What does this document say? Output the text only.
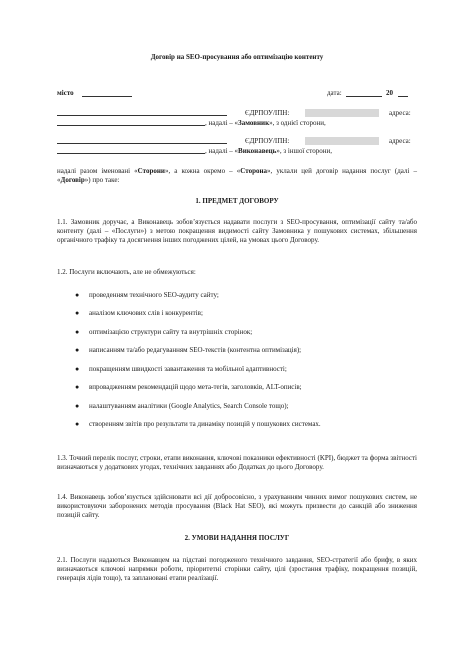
Договір на SEO-просування або оптимізацію контенту
місто	дата:	20
ЄДРПОУ/ІПН:	адреса:
, надалі – «Замовник», з однієї сторони,
ЄДРПОУ/ІПН:	адреса:
, надалі – «Виконавець», з іншої сторони,
надалі разом іменовані «Сторони», а кожна окремо – «Сторона», уклали цей договір надання послуг (далі – «Договір») про таке:
1. ПРЕДМЕТ ДОГОВОРУ
1.1. Замовник доручає, а Виконавець зобов’язується надавати послуги з SEO-просування, оптимізації сайту та/або контенту (далі – «Послуги») з метою покращення видимості сайту Замовника у пошукових системах, збільшення органічного трафіку та досягнення інших погоджених цілей, на умовах цього Договору.
1.2. Послуги включають, але не обмежуються:
● проведенням технічного SEO-аудиту сайту;
● аналізом ключових слів і конкурентів;
● оптимізацією структури сайту та внутрішніх сторінок;
● написанням та/або редагуванням SEO-текстів (контентна оптимізація);
● покращенням швидкості завантаження та мобільної адаптивності;
● впровадженням рекомендацій щодо мета-тегів, заголовків, ALT-описів;
● налаштуванням аналітики (Google Analytics, Search Console тощо);
● створенням звітів про результати та динаміку позицій у пошукових системах.
1.3. Точний перелік послуг, строки, етапи виконання, ключові показники ефективності (KPI), бюджет та форма звітності визначаються у додаткових угодах, технічних завданнях або Додатках до цього Договору.
1.4. Виконавець зобов’язується здійснювати всі дії добросовісно, з урахуванням чинних вимог пошукових систем, не використовуючи заборонених методів просування (Black Hat SEO), які можуть призвести до санкцій або зниження позицій сайту.
2. УМОВИ НАДАННЯ ПОСЛУГ
2.1. Послуги надаються Виконавцем на підставі погодженого технічного завдання, SEO-стратегії або брифу, в яких визначаються ключові напрямки роботи, пріоритетні сторінки сайту, цілі (зростання трафіку, покращення позицій, генерація лідів тощо), та заплановані етапи реалізації.
